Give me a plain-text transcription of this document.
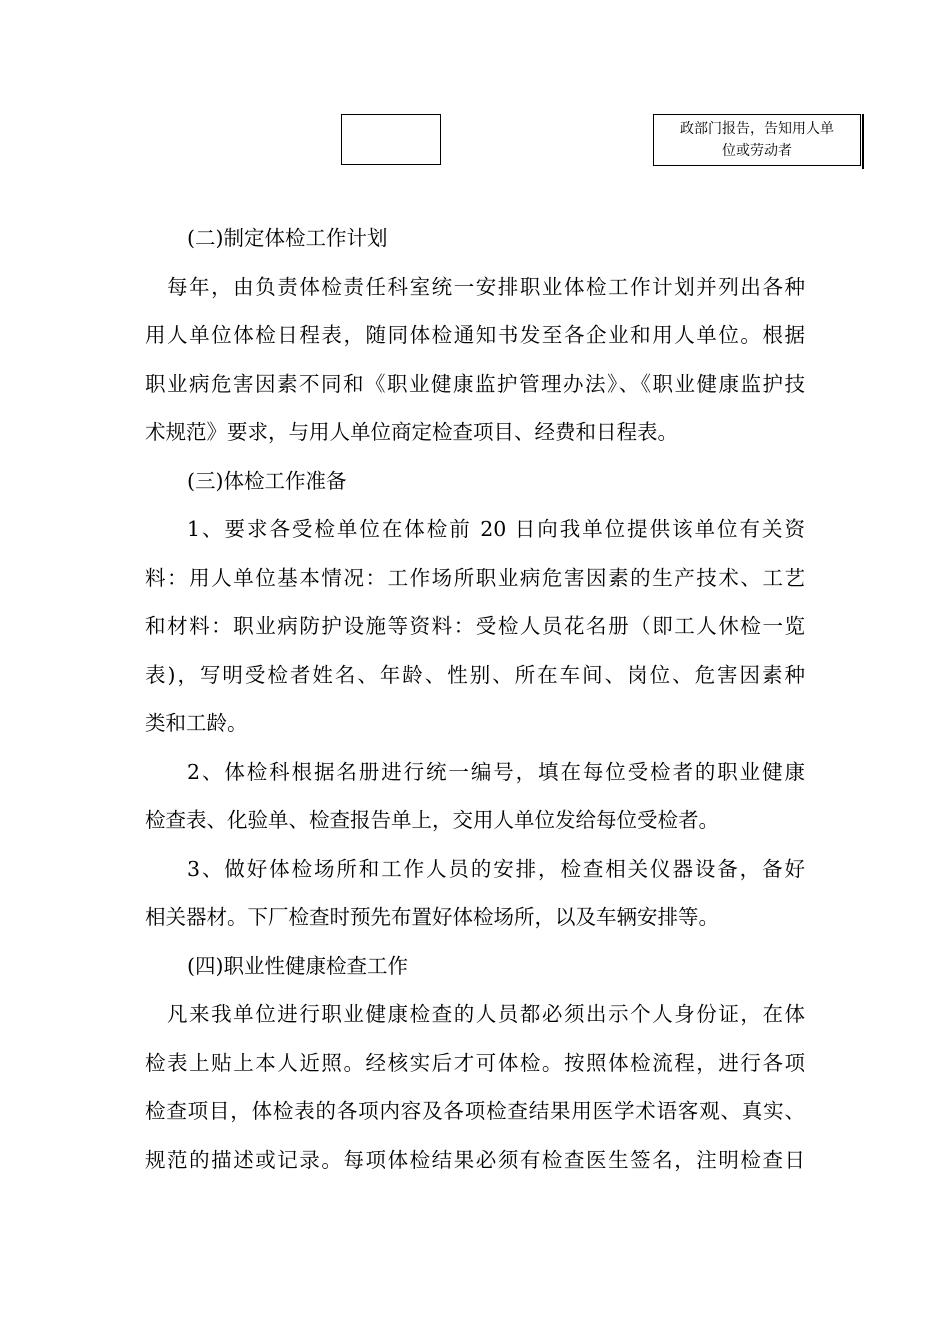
政部门报告，告知用人单
位或劳动者
(二)制定体检工作计划
每年，由负责体检责任科室统一安排职业体检工作计划并列出各种
用人单位体检日程表，随同体检通知书发至各企业和用人单位。根据
职业病危害因素不同和《职业健康监护管理办法》、《职业健康监护技
术规范》要求，与用人单位商定检查项目、经费和日程表。
(三)体检工作准备
1、要求各受检单位在体检前 20 日向我单位提供该单位有关资
料：用人单位基本情况：工作场所职业病危害因素的生产技术、工艺
和材料：职业病防护设施等资料：受检人员花名册（即工人休检一览
表)，写明受检者姓名、年龄、性别、所在车间、岗位、危害因素种
类和工龄。
2、体检科根据名册进行统一编号，填在每位受检者的职业健康
检查表、化验单、检查报告单上，交用人单位发给每位受检者。
3、做好体检场所和工作人员的安排，检查相关仪器设备，备好
相关器材。下厂检查时预先布置好体检场所，以及车辆安排等。
(四)职业性健康检查工作
凡来我单位进行职业健康检查的人员都必须出示个人身份证，在体
检表上贴上本人近照。经核实后才可体检。按照体检流程，进行各项
检查项目，体检表的各项内容及各项检查结果用医学术语客观、真实、
规范的描述或记录。每项体检结果必须有检查医生签名，注明检查日
